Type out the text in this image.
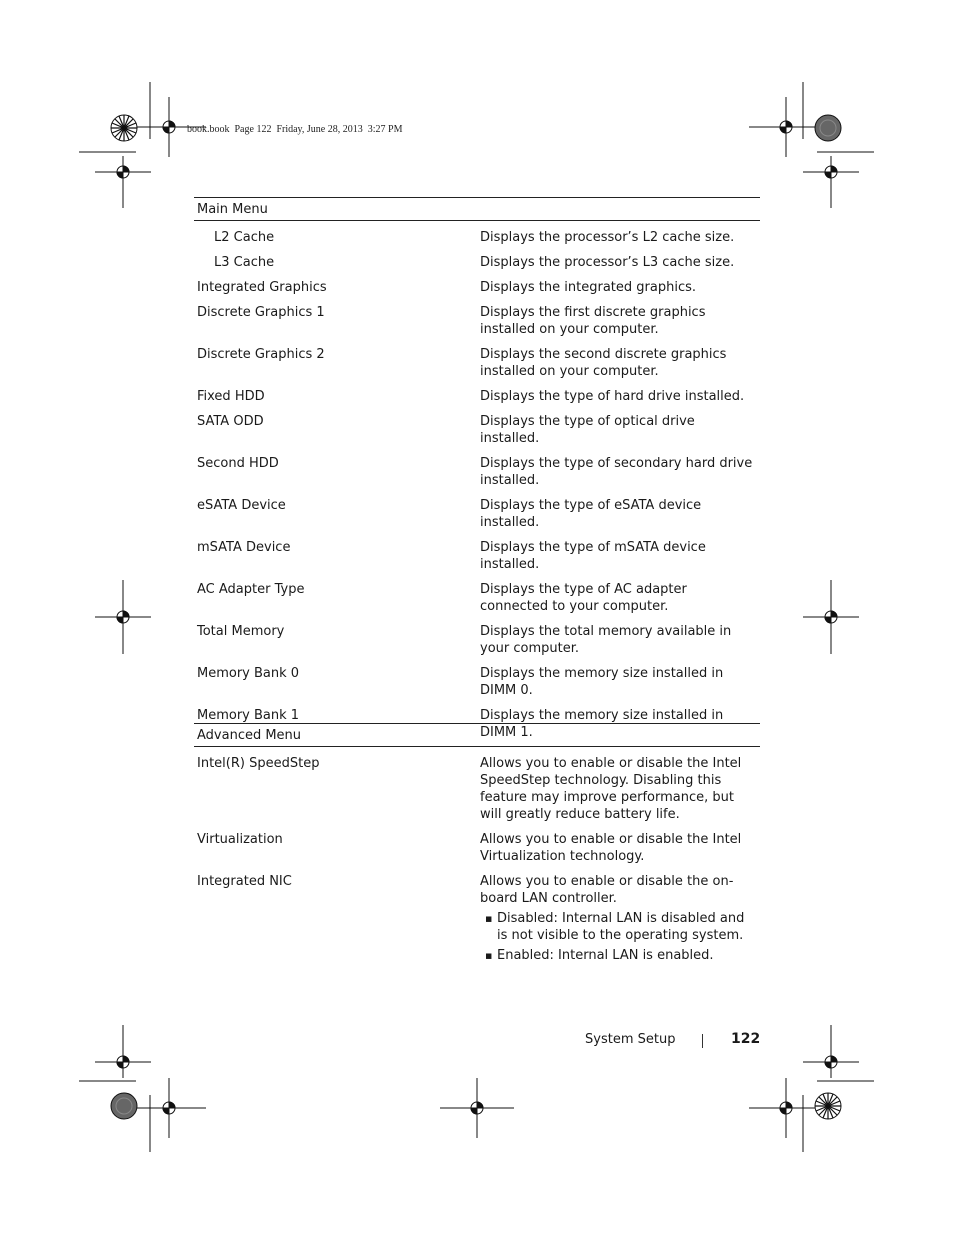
book.book  Page 122  Friday, June 28, 2013  3:27 PM
Main Menu
L2 Cache	Displays the processor’s L2 cache size.
L3 Cache	Displays the processor’s L3 cache size.
Integrated Graphics	Displays the integrated graphics.
Discrete Graphics 1	Displays the first discrete graphics installed on your computer.
Discrete Graphics 2	Displays the second discrete graphics installed on your computer.
Fixed HDD	Displays the type of hard drive installed.
SATA ODD	Displays the type of optical drive installed.
Second HDD	Displays the type of secondary hard drive installed.
eSATA Device	Displays the type of eSATA device installed.
mSATA Device	Displays the type of mSATA device installed.
AC Adapter Type	Displays the type of AC adapter connected to your computer.
Total Memory	Displays the total memory available in your computer.
Memory Bank 0	Displays the memory size installed in DIMM 0.
Memory Bank 1	Displays the memory size installed in DIMM 1.
Advanced Menu
Intel(R) SpeedStep	Allows you to enable or disable the Intel SpeedStep technology. Disabling this feature may improve performance, but will greatly reduce battery life.
Virtualization	Allows you to enable or disable the Intel Virtualization technology.
Integrated NIC	Allows you to enable or disable the on-board LAN controller.
▪ Disabled: Internal LAN is disabled and is not visible to the operating system.
▪ Enabled: Internal LAN is enabled.
System Setup	122
